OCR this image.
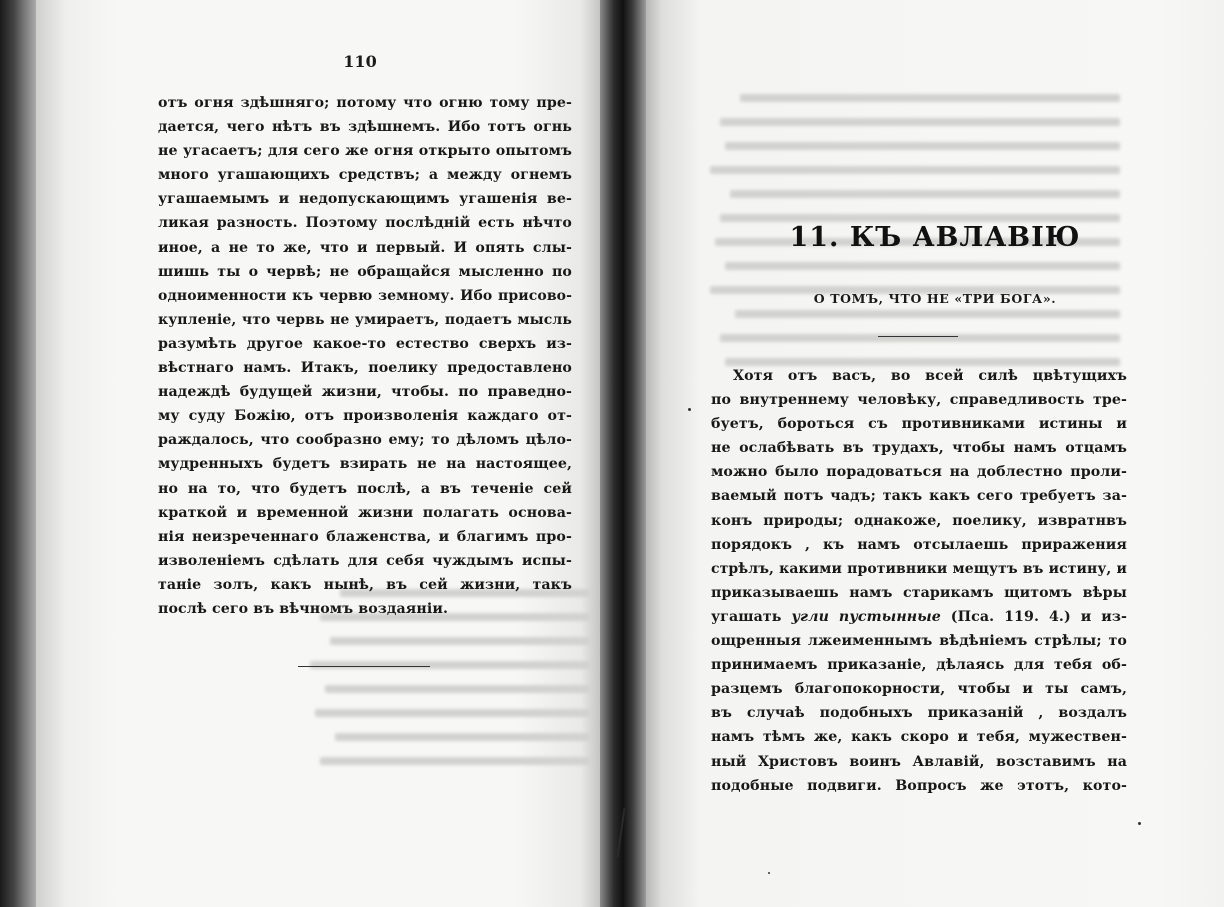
110
отъ огня здѣшняго; потому что огню тому пре-
дается, чего нѣтъ въ здѣшнемъ. Ибо тотъ огнь
не угасаетъ; для сего же огня открыто опытомъ
много угашающихъ средствъ; а между огнемъ
угашаемымъ и недопускающимъ угашенія ве-
ликая разность. Поэтому послѣдній есть нѣчто
иное, а не то же, что и первый. И опять слы-
шишь ты о червѣ; не обращайся мысленно по
одноименности къ червю земному. Ибо присово-
купленіе, что червь не умираетъ, подаетъ мысль
разумѣть другое какое-то естество сверхъ из-
вѣстнаго намъ. Итакъ, поелику предоставлено
надеждѣ будущей жизни, чтобы. по праведно-
му суду Божію, отъ произволенія каждаго от-
раждалось, что сообразно ему; то дѣломъ цѣло-
мудренныхъ будетъ взирать не на настоящее,
но на то, что будетъ послѣ, а въ теченіе сей
краткой и временной жизни полагать основа-
нія неизреченнаго блаженства, и благимъ про-
изволеніемъ сдѣлать для себя чуждымъ испы-
таніе золъ, какъ нынѣ, въ сей жизни, такъ
послѣ сего въ вѣчномъ воздаяніи.
11. КЪ АВЛАВІЮ
О ТОМЪ, ЧТО НЕ «ТРИ БОГА».
Хотя отъ васъ, во всей силѣ цвѣтущихъ
по внутреннему человѣку, справедливость тре-
буетъ, бороться съ противниками истины и
не ослабѣвать въ трудахъ, чтобы намъ отцамъ
можно было порадоваться на доблестно проли-
ваемый потъ чадъ; такъ какъ сего требуетъ за-
конъ природы; однакоже, поелику, извратнвъ
порядокъ , къ намъ отсылаешь приражения
стрѣлъ, какими противники мещутъ въ истину, и
приказываешь намъ старикамъ щитомъ вѣры
угашать угли пустынные (Пса. 119. 4.) и из-
ощренныя лжеименнымъ вѣдѣніемъ стрѣлы; то
принимаемъ приказаніе, дѣлаясь для тебя об-
разцемъ благопокорности, чтобы и ты самъ,
въ случаѣ подобныхъ приказаній , воздалъ
намъ тѣмъ же, какъ скоро и тебя, мужествен-
ный Христовъ воинъ Авлавій, возставимъ на
подобные подвиги. Вопросъ же этотъ, кото-
